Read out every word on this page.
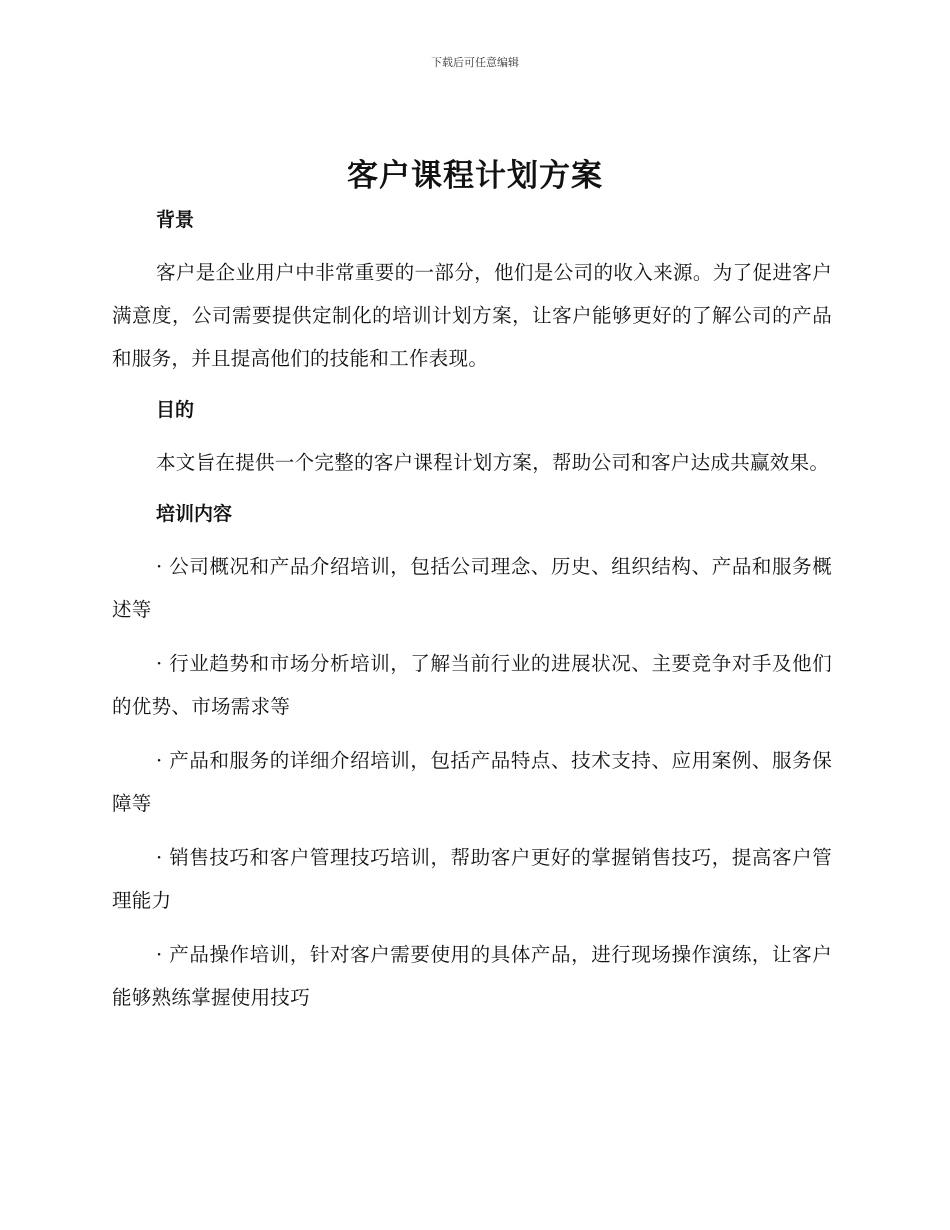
下载后可任意编辑
客户课程计划方案

背景

客户是企业用户中非常重要的一部分，他们是公司的收入来源。为了促进客户满意度，公司需要提供定制化的培训计划方案，让客户能够更好的了解公司的产品和服务，并且提高他们的技能和工作表现。

目的

本文旨在提供一个完整的客户课程计划方案，帮助公司和客户达成共赢效果。

培训内容

· 公司概况和产品介绍培训，包括公司理念、历史、组织结构、产品和服务概述等

· 行业趋势和市场分析培训，了解当前行业的进展状况、主要竞争对手及他们的优势、市场需求等

· 产品和服务的详细介绍培训，包括产品特点、技术支持、应用案例、服务保障等

· 销售技巧和客户管理技巧培训，帮助客户更好的掌握销售技巧，提高客户管理能力

· 产品操作培训，针对客户需要使用的具体产品，进行现场操作演练，让客户能够熟练掌握使用技巧
